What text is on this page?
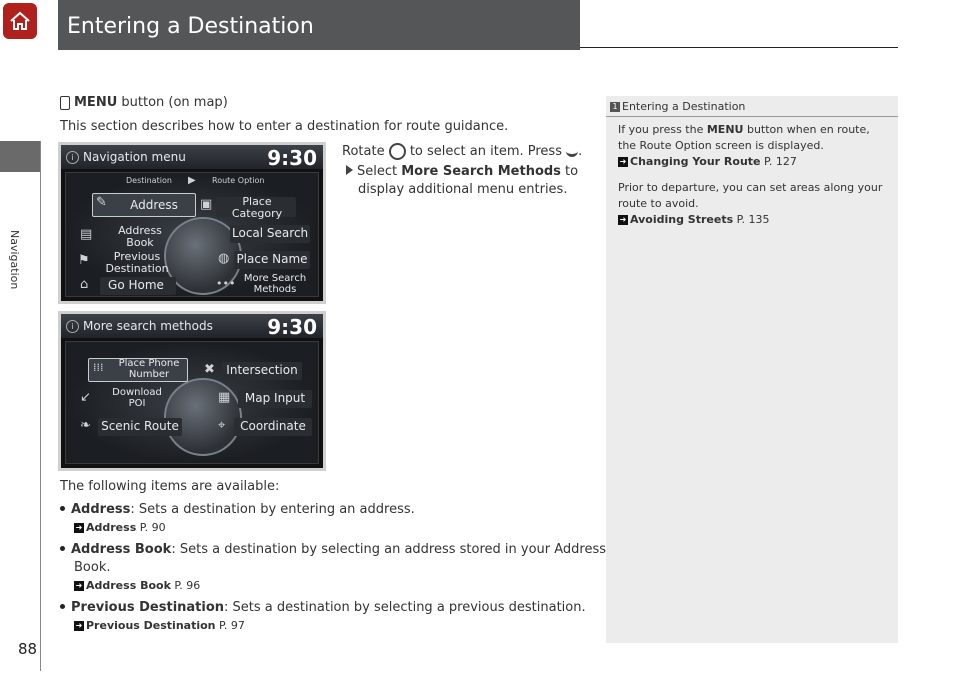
Entering a Destination
Navigation
88
MENU button (on map)
This section describes how to enter a destination for route guidance.
Rotate  to select an item. Press .
Select More Search Methods to
display additional menu entries.
i Navigation menu	9:30
Destination ▶ Route Option
✎	Address	▣	Place
Category
▤	Address
Book
Local Search
⚑	Previous
Destination
◍ Place Name
⌂	Go Home	••• More Search
Methods
i More search methods	9:30
⁞⁞⁞	Place Phone
Number	✖ Intersection
↙	Download
POI	▦	Map Input
❧ Scenic Route	⌖	Coordinate
The following items are available:
Address: Sets a destination by entering an address.
➜ Address P. 90
Address Book: Sets a destination by selecting an address stored in your Address
Book.
➜ Address Book P. 96
Previous Destination: Sets a destination by selecting a previous destination.
➜ Previous Destination P. 97
1 Entering a Destination
If you press the MENU button when en route,
the Route Option screen is displayed.
➜ Changing Your Route P. 127
Prior to departure, you can set areas along your
route to avoid.
➜ Avoiding Streets P. 135
